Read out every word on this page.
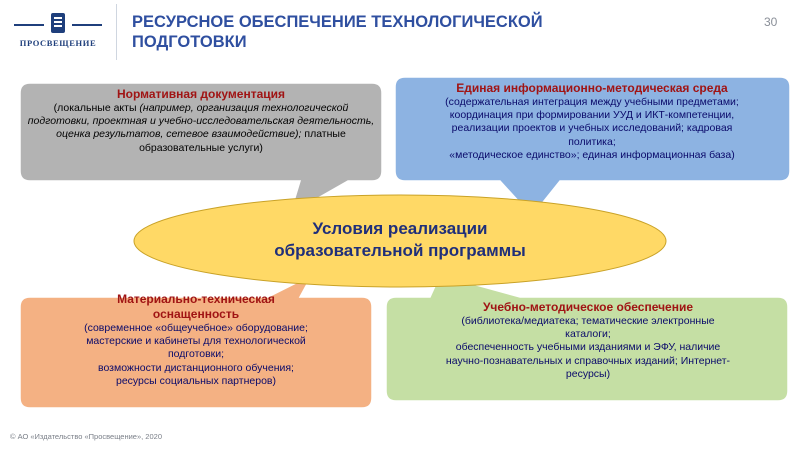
ПРОСВЕЩЕНИЕ
РЕСУРСНОЕ ОБЕСПЕЧЕНИЕ ТЕХНОЛОГИЧЕСКОЙ
ПОДГОТОВКИ
30
Нормативная документация
(локальные акты (например, организация технологической подготовки, проектная и учебно-исследовательская деятельность, оценка результатов, сетевое взаимодействие); платные образовательные услуги)
Единая информационно-методическая среда
(содержательная интеграция между учебными предметами;
координация при формировании УУД и ИКТ-компетенции,
реализации проектов и учебных исследований; кадровая
политика;
«методическое единство»; единая информационная база)
Условия реализации
образовательной программы
Материально-техническая
оснащенность
(современное «общеучебное» оборудование;
мастерские и кабинеты для технологической
подготовки;
возможности дистанционного обучения;
ресурсы социальных партнеров)
Учебно-методическое обеспечение
(библиотека/медиатека; тематические электронные
каталоги;
обеспеченность учебными изданиями и ЭФУ, наличие
научно-познавательных и справочных изданий; Интернет-
ресурсы)
© АО «Издательство «Просвещение», 2020
